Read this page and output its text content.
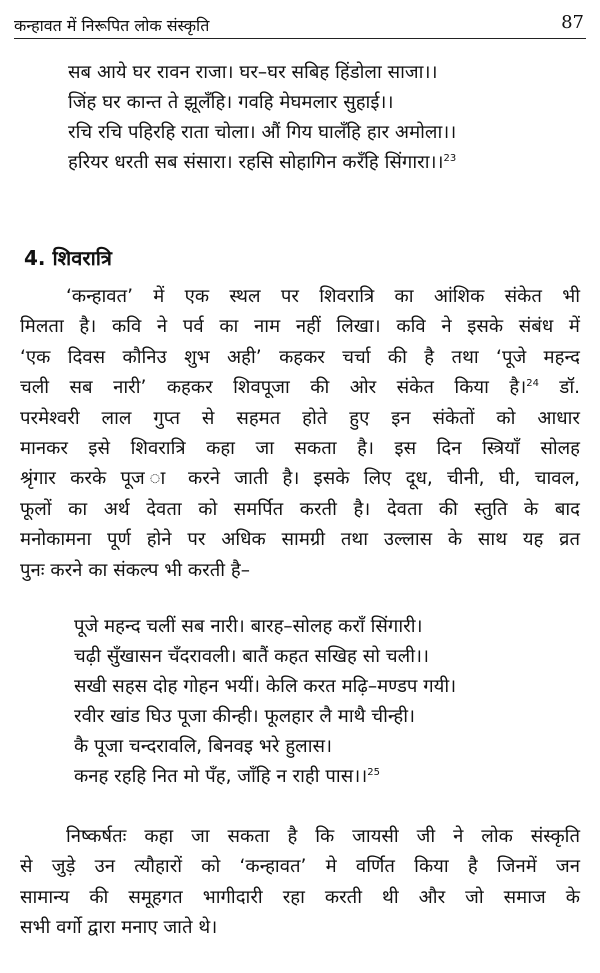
कन्हावत में निरूपित लोक संस्कृति	87
सब आये घर रावन राजा। घर–घर सबिह हिंडोला साजा।।
जिंह घर कान्त ते झूलँहि। गवहि मेघमलार सुहाई।।
रचि रचि पहिरहि राता चोला। औं गिय घालँहि हार अमोला।।
हरियर धरती सब संसारा। रहसि सोहागिन करँहि सिंगारा।।$^{23}$
4. शिवरात्रि
‘कन्हावत’ में एक स्थल पर शिवरात्रि का आंशिक संकेत भी
मिलता है। कवि ने पर्व का नाम नहीं लिखा। कवि ने इसके संबंध में
‘एक दिवस कौनिउ शुभ अही’ कहकर चर्चा की है तथा ‘पूजे महन्द
चली सब नारी’ कहकर शिवपूजा की ओर संकेत किया है।$^{24}$ डॉ.
परमेश्वरी लाल गुप्त से सहमत होते हुए इन संकेतों को आधार
मानकर इसे शिवरात्रि कहा जा सकता है। इस दिन स्त्रियाँ सोलह
श्रृंगार करके पूज ा करने जाती है। इसके लिए दूध, चीनी, घी, चावल,
फूलों का अर्थ देवता को समर्पित करती है। देवता की स्तुति के बाद
मनोकामना पूर्ण होने पर अधिक सामग्री तथा उल्लास के साथ यह व्रत
पुनः करने का संकल्प भी करती है–
पूजे महन्द चलीं सब नारी। बारह–सोलह कराँ सिंगारी।
चढ़ी सुँखासन चँदरावली। बातैं कहत सखिह सो चली।।
सखी सहस दोह गोहन भयीं। केलि करत मढ़ि–मण्डप गयी।
रवीर खांड घिउ पूजा कीन्ही। फूलहार लै माथै चीन्ही।
कै पूजा चन्दरावलि, बिनवइ भरे हुलास।
कनह रहहि नित मो पँह, जाँहि न राही पास।।$^{25}$
निष्कर्षतः कहा जा सकता है कि जायसी जी ने लोक संस्कृति
से जुड़े उन त्यौहारों को ‘कन्हावत’ मे वर्णित किया है जिनमें जन
सामान्य की समूहगत भागीदारी रहा करती थी और जो समाज के
सभी वर्गो द्वारा मनाए जाते थे।
